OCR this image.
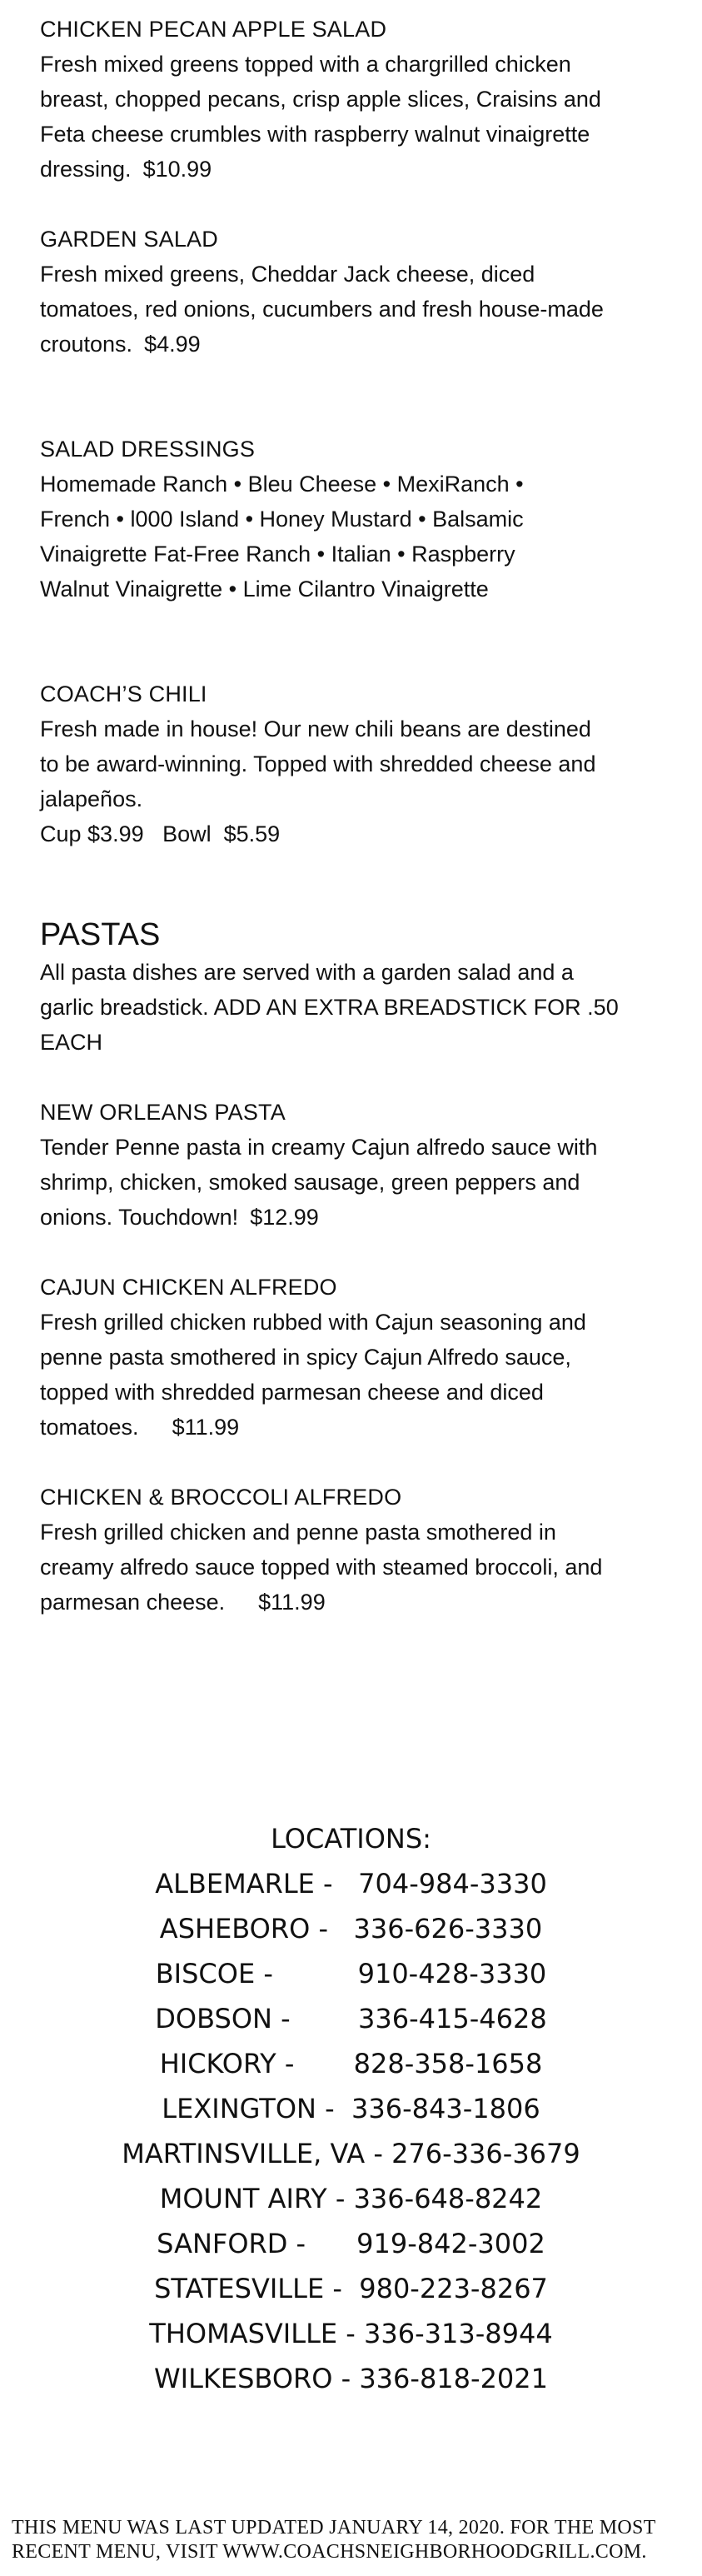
CHICKEN PECAN APPLE SALAD

Fresh mixed greens topped with a chargrilled chicken breast, chopped pecans, crisp apple slices, Craisins and Feta cheese crumbles with raspberry walnut vinaigrette dressing. $10.99

GARDEN SALAD

Fresh mixed greens, Cheddar Jack cheese, diced tomatoes, red onions, cucumbers and fresh house-made croutons. $4.99

SALAD DRESSINGS

Homemade Ranch • Bleu Cheese • MexiRanch • French • l000 Island • Honey Mustard • Balsamic Vinaigrette Fat-Free Ranch • Italian • Raspberry Walnut Vinaigrette • Lime Cilantro Vinaigrette

COACH’S CHILI

Fresh made in house! Our new chili beans are destined to be award-winning. Topped with shredded cheese and jalapeños.

Cup $3.99   Bowl  $5.59

PASTAS

All pasta dishes are served with a garden salad and a garlic breadstick. ADD AN EXTRA BREADSTICK FOR .50 EACH

NEW ORLEANS PASTA

Tender Penne pasta in creamy Cajun alfredo sauce with shrimp, chicken, smoked sausage, green peppers and onions. Touchdown! $12.99

CAJUN CHICKEN ALFREDO

Fresh grilled chicken rubbed with Cajun seasoning and penne pasta smothered in spicy Cajun Alfredo sauce, topped with shredded parmesan cheese and diced tomatoes. $11.99

CHICKEN & BROCCOLI ALFREDO

Fresh grilled chicken and penne pasta smothered in creamy alfredo sauce topped with steamed broccoli, and parmesan cheese. $11.99

LOCATIONS:

ALBEMARLE -   704-984-3330

ASHEBORO -   336-626-3330

BISCOE -          910-428-3330

DOBSON -        336-415-4628

HICKORY -       828-358-1658

LEXINGTON -  336-843-1806

MARTINSVILLE, VA - 276-336-3679

MOUNT AIRY - 336-648-8242

SANFORD -      919-842-3002

STATESVILLE -  980-223-8267

THOMASVILLE - 336-313-8944

WILKESBORO - 336-818-2021

THIS MENU WAS LAST UPDATED JANUARY 14, 2020. FOR THE MOST RECENT MENU, VISIT WWW.COACHSNEIGHBORHOODGRILL.COM.
